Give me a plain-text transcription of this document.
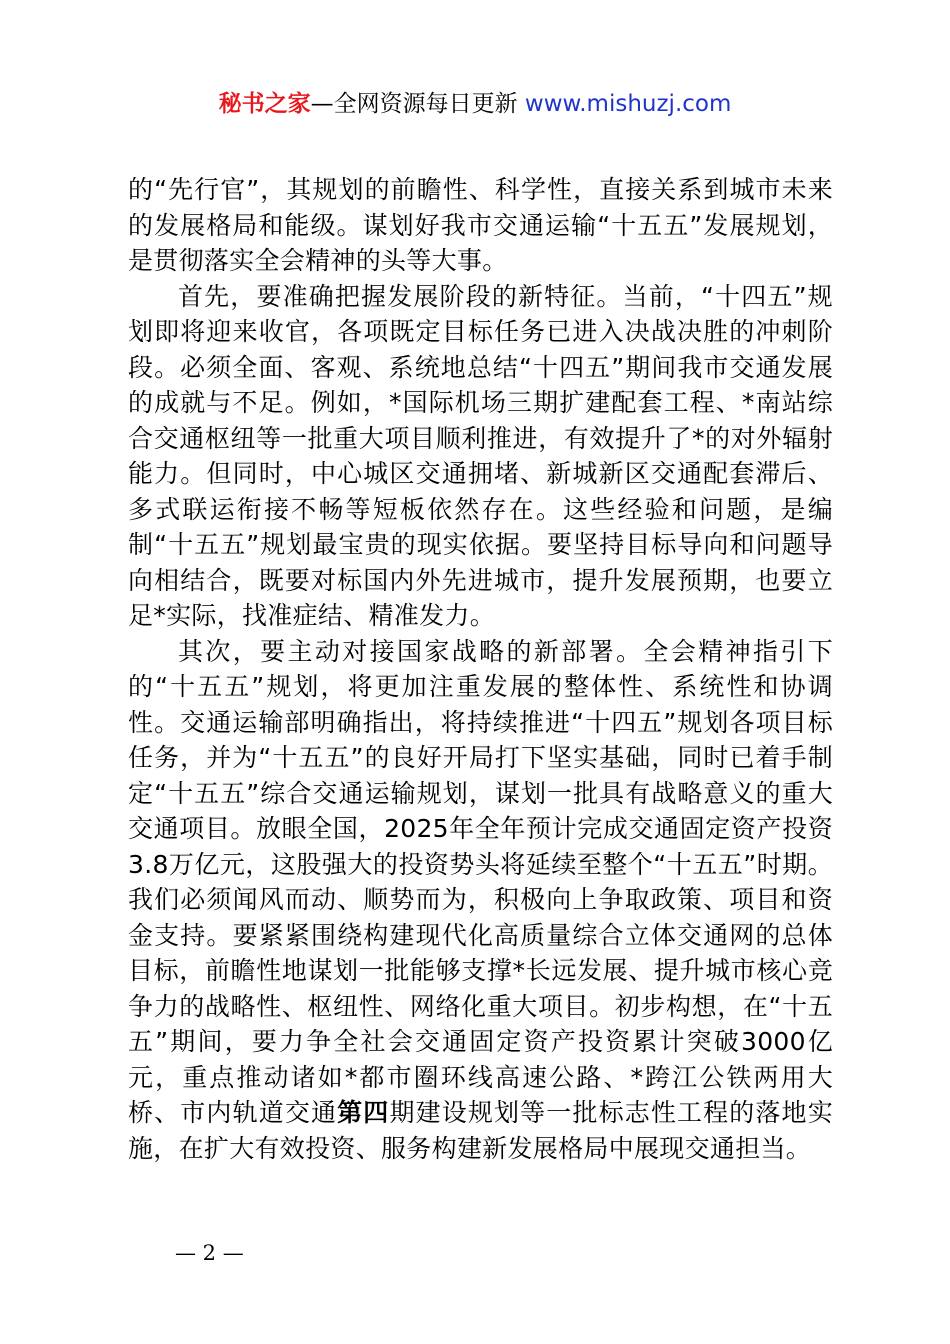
秘书之家—全网资源每日更新 www.mishuzj.com

的“先行官”，其规划的前瞻性、科学性，直接关系到城市未来的发展格局和能级。谋划好我市交通运输“十五五”发展规划，是贯彻落实全会精神的头等大事。

首先，要准确把握发展阶段的新特征。当前，“十四五”规划即将迎来收官，各项既定目标任务已进入决战决胜的冲刺阶段。必须全面、客观、系统地总结“十四五”期间我市交通发展的成就与不足。例如，*国际机场三期扩建配套工程、*南站综合交通枢纽等一批重大项目顺利推进，有效提升了*的对外辐射能力。但同时，中心城区交通拥堵、新城新区交通配套滞后、多式联运衔接不畅等短板依然存在。这些经验和问题，是编制“十五五”规划最宝贵的现实依据。要坚持目标导向和问题导向相结合，既要对标国内外先进城市，提升发展预期，也要立足*实际，找准症结、精准发力。

其次，要主动对接国家战略的新部署。全会精神指引下的“十五五”规划，将更加注重发展的整体性、系统性和协调性。交通运输部明确指出，将持续推进“十四五”规划各项目标任务，并为“十五五”的良好开局打下坚实基础，同时已着手制定“十五五”综合交通运输规划，谋划一批具有战略意义的重大交通项目。放眼全国，2025年全年预计完成交通固定资产投资3.8万亿元，这股强大的投资势头将延续至整个“十五五”时期。我们必须闻风而动、顺势而为，积极向上争取政策、项目和资金支持。要紧紧围绕构建现代化高质量综合立体交通网的总体目标，前瞻性地谋划一批能够支撑*长远发展、提升城市核心竞争力的战略性、枢纽性、网络化重大项目。初步构想，在“十五五”期间，要力争全社会交通固定资产投资累计突破3000亿元，重点推动诸如*都市圈环线高速公路、*跨江公铁两用大桥、市内轨道交通第四期建设规划等一批标志性工程的落地实施，在扩大有效投资、服务构建新发展格局中展现交通担当。

— 2 —
